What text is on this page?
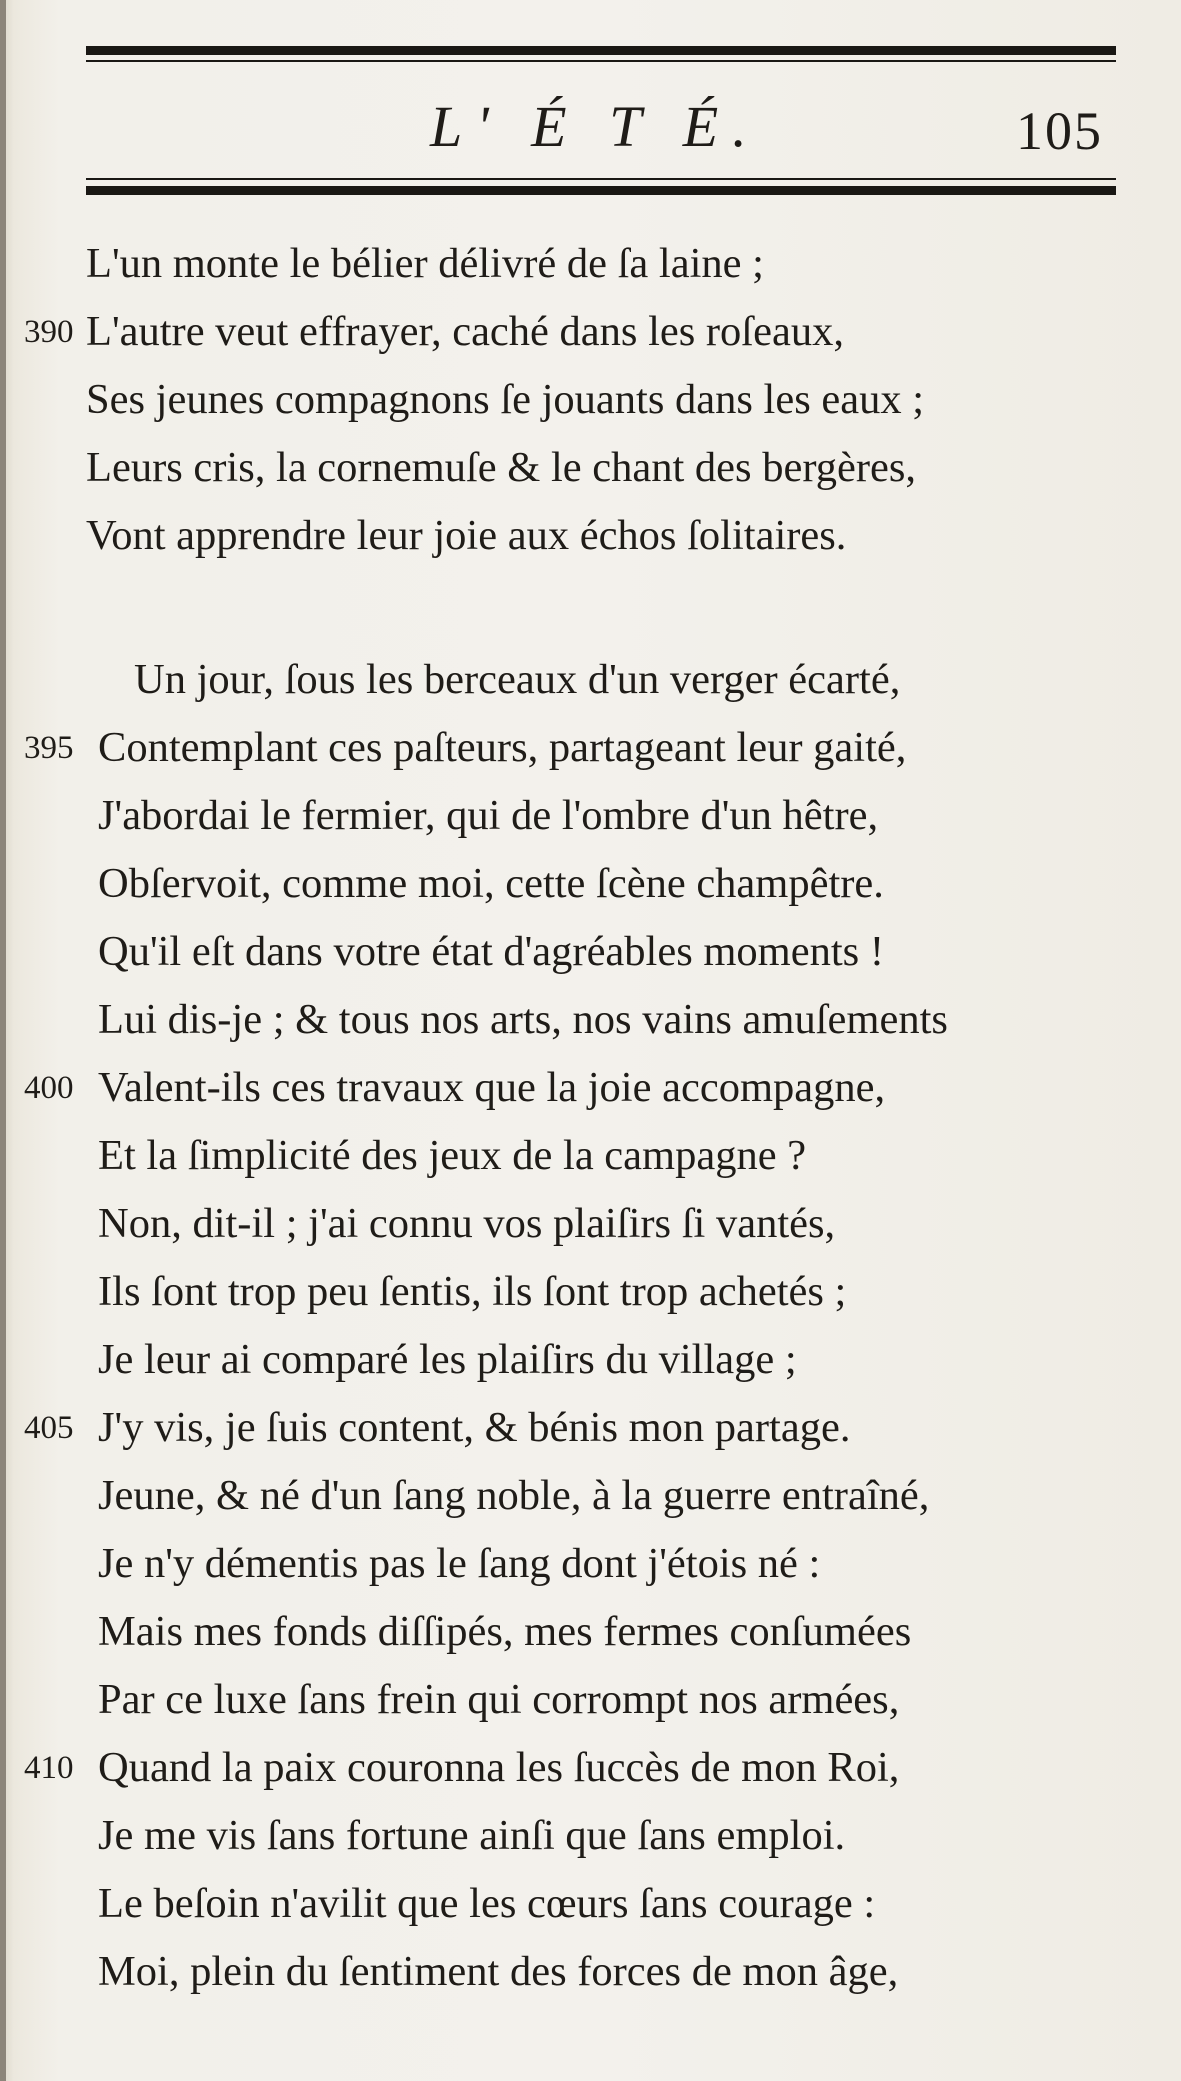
L' É T É.	105
L'un monte le bélier délivré de ſa laine ;
390 L'autre veut effrayer, caché dans les roſeaux,
Ses jeunes compagnons ſe jouants dans les eaux ;
Leurs cris, la cornemuſe & le chant des bergères,
Vont apprendre leur joie aux échos ſolitaires.
Un jour, ſous les berceaux d'un verger écarté,
395 Contemplant ces paſteurs, partageant leur gaité,
J'abordai le fermier, qui de l'ombre d'un hêtre,
Obſervoit, comme moi, cette ſcène champêtre.
Qu'il eſt dans votre état d'agréables moments !
Lui dis-je ; & tous nos arts, nos vains amuſements
400 Valent-ils ces travaux que la joie accompagne,
Et la ſimplicité des jeux de la campagne ?
Non, dit-il ; j'ai connu vos plaiſirs ſi vantés,
Ils ſont trop peu ſentis, ils ſont trop achetés ;
Je leur ai comparé les plaiſirs du village ;
405 J'y vis, je ſuis content, & bénis mon partage.
Jeune, & né d'un ſang noble, à la guerre entraîné,
Je n'y démentis pas le ſang dont j'étois né :
Mais mes fonds diſſipés, mes fermes conſumées
Par ce luxe ſans frein qui corrompt nos armées,
410 Quand la paix couronna les ſuccès de mon Roi,
Je me vis ſans fortune ainſi que ſans emploi.
Le beſoin n'avilit que les cœurs ſans courage :
Moi, plein du ſentiment des forces de mon âge,
